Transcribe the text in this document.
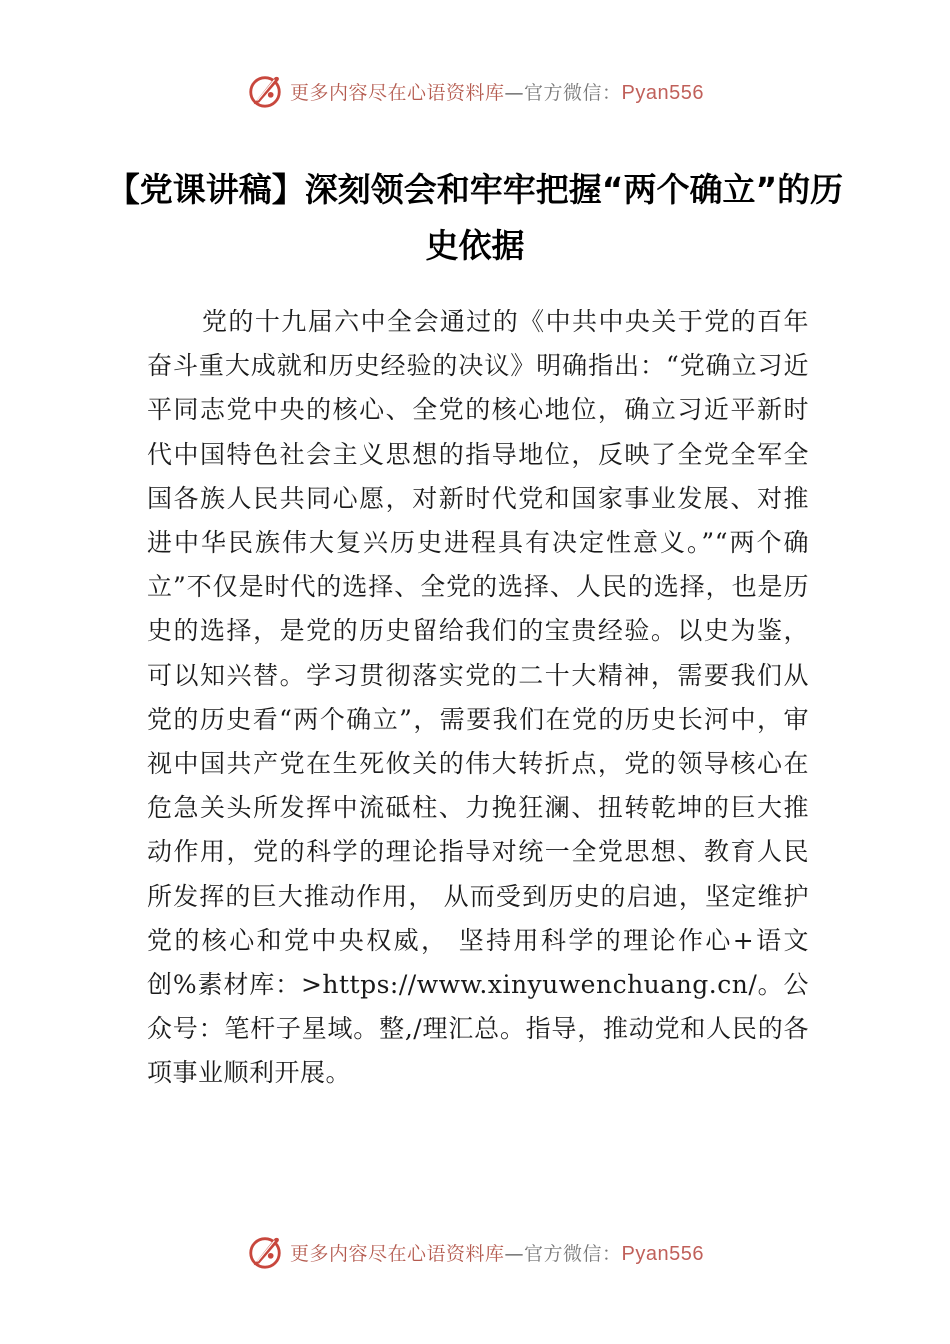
更多内容尽在心语资料库—官方微信：Pyan556
【党课讲稿】深刻领会和牢牢把握“两个确立”的历史依据
党的十九届六中全会通过的《中共中央关于党的百年奋斗重大成就和历史经验的决议》明确指出：“党确立习近平同志党中央的核心、全党的核心地位，确立习近平新时代中国特色社会主义思想的指导地位，反映了全党全军全国各族人民共同心愿，对新时代党和国家事业发展、对推进中华民族伟大复兴历史进程具有决定性意义。”“两个确立”不仅是时代的选择、全党的选择、人民的选择，也是历史的选择，是党的历史留给我们的宝贵经验。以史为鉴，可以知兴替。学习贯彻落实党的二十大精神，需要我们从党的历史看“两个确立”，需要我们在党的历史长河中，审视中国共产党在生死攸关的伟大转折点，党的领导核心在危急关头所发挥中流砥柱、力挽狂澜、扭转乾坤的巨大推动作用，党的科学的理论指导对统一全党思想、教育人民所发挥的巨大推动作用， 从而受到历史的启迪，坚定维护党的核心和党中央权威， 坚持用科学的理论作心+语文创%素材库：>https://www.xinyuwenchuang.cn/。公众号：笔杆子星域。整,/理汇总。指导，推动党和人民的各项事业顺利开展。
更多内容尽在心语资料库—官方微信：Pyan556
